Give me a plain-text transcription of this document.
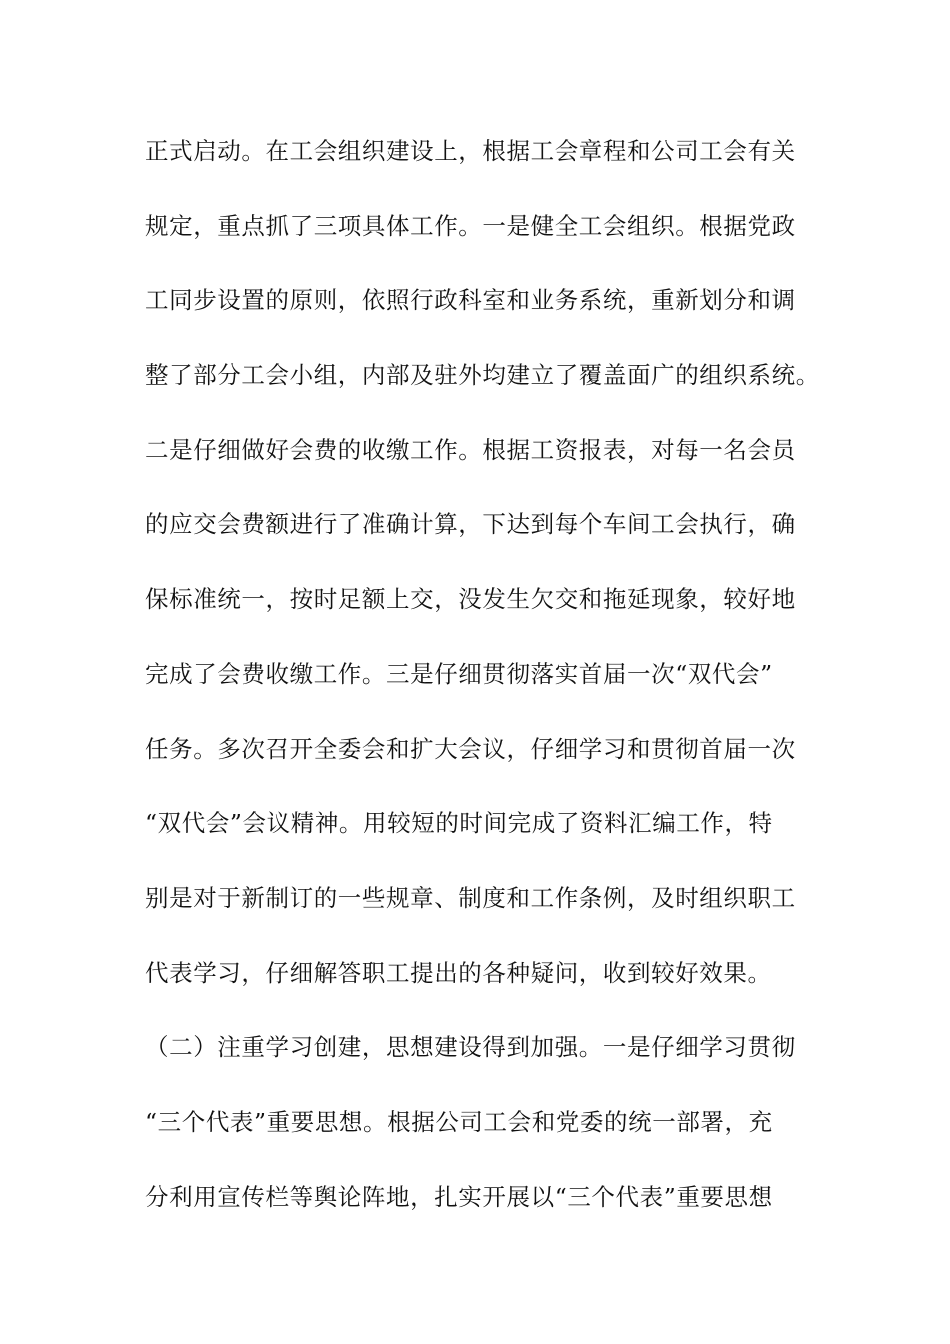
正式启动。在工会组织建设上，根据工会章程和公司工会有关
规定，重点抓了三项具体工作。一是健全工会组织。根据党政
工同步设置的原则，依照行政科室和业务系统，重新划分和调
整了部分工会小组，内部及驻外均建立了覆盖面广的组织系统。
二是仔细做好会费的收缴工作。根据工资报表，对每一名会员
的应交会费额进行了准确计算，下达到每个车间工会执行，确
保标准统一，按时足额上交，没发生欠交和拖延现象，较好地
完成了会费收缴工作。三是仔细贯彻落实首届一次“双代会”
任务。多次召开全委会和扩大会议，仔细学习和贯彻首届一次
“双代会”会议精神。用较短的时间完成了资料汇编工作，特
别是对于新制订的一些规章、制度和工作条例，及时组织职工
代表学习，仔细解答职工提出的各种疑问，收到较好效果。
（二）注重学习创建，思想建设得到加强。一是仔细学习贯彻
“三个代表”重要思想。根据公司工会和党委的统一部署，充
分利用宣传栏等舆论阵地，扎实开展以“三个代表”重要思想
